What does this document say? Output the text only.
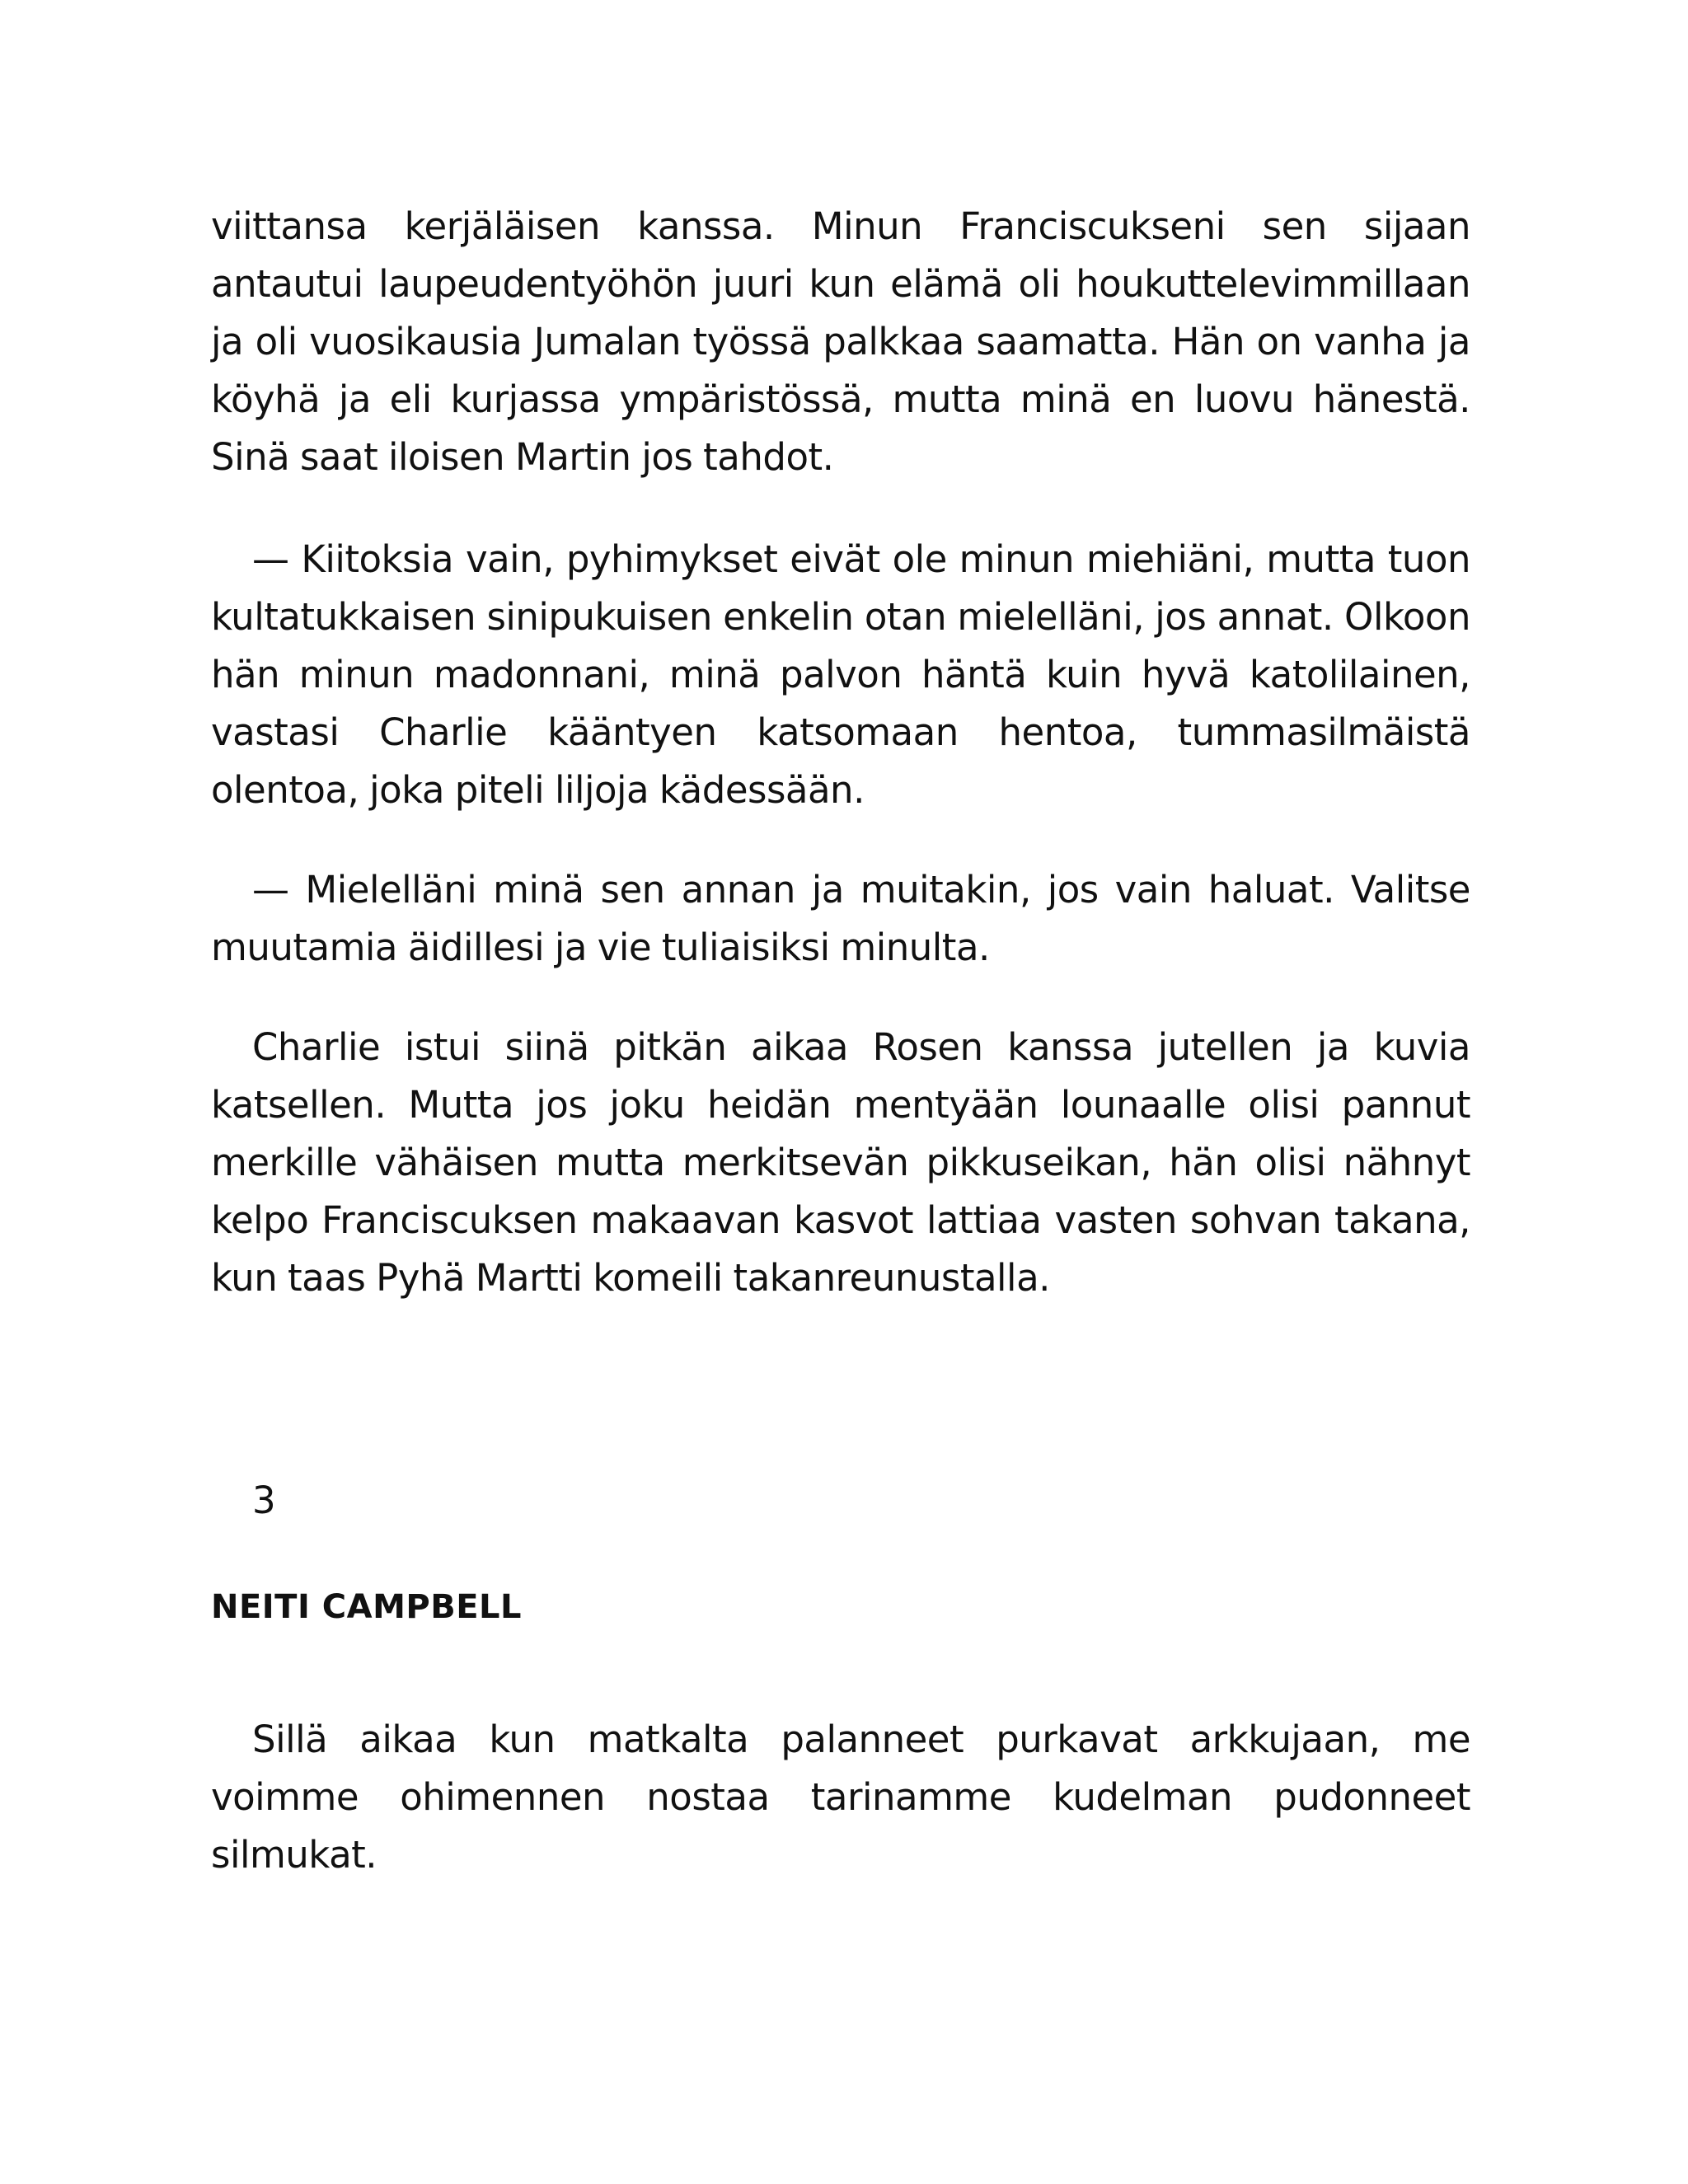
viittansa kerjäläisen kanssa. Minun Franciscukseni sen sijaan antautui laupeudentyöhön juuri kun elämä oli houkuttelevimmillaan ja oli vuosikausia Jumalan työssä palkkaa saamatta. Hän on vanha ja köyhä ja eli kurjassa ympäristössä, mutta minä en luovu hänestä. Sinä saat iloisen Martin jos tahdot.

— Kiitoksia vain, pyhimykset eivät ole minun miehiäni, mutta tuon kultatukkaisen sinipukuisen enkelin otan mielelläni, jos annat. Olkoon hän minun madonnani, minä palvon häntä kuin hyvä katolilainen, vastasi Charlie kääntyen katsomaan hentoa, tummasilmäistä olentoa, joka piteli liljoja kädessään.

— Mielelläni minä sen annan ja muitakin, jos vain haluat. Valitse muutamia äidillesi ja vie tuliaisiksi minulta.

Charlie istui siinä pitkän aikaa Rosen kanssa jutellen ja kuvia katsellen. Mutta jos joku heidän mentyään lounaalle olisi pannut merkille vähäisen mutta merkitsevän pikkuseikan, hän olisi nähnyt kelpo Franciscuksen makaavan kasvot lattiaa vasten sohvan takana, kun taas Pyhä Martti komeili takanreunustalla.

3

NEITI CAMPBELL

Sillä aikaa kun matkalta palanneet purkavat arkkujaan, me voimme ohimennen nostaa tarinamme kudelman pudonneet silmukat.
